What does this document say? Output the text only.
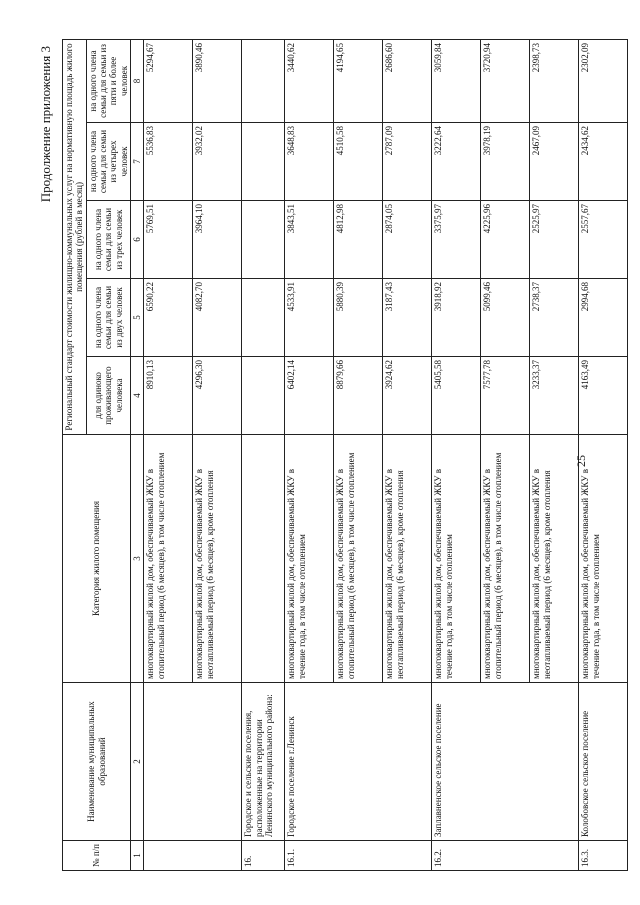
Продолжение приложения 3
№ п/п	Наименование муниципальных образований	Категория жилого помещения	Региональный стандарт стоимости жилищно-коммунальных услуг на нормативную площадь жилого помещения (рублей в месяц)				
			для одиноко проживающего человека	на одного члена семьи для семьи из двух человек	на одного члена семьи для семьи из трех человек	на одного члена семьи для семьи из четырех человек	на одного члена семьи для семьи из пяти и более человек
1	2	3	4	5	6	7	8
		многоквартирный жилой дом, обеспечиваемый ЖКУ в отопительный период (6 месяцев), в том числе отоплением	8910,13	6590,22	5769,51	5536,83	5294,67
		многоквартирный жилой дом, обеспечиваемый ЖКУ в неотапливаемый период (6 месяцев), кроме отопления	4296,30	4082,70	3964,10	3932,02	3890,46
16.	Городское и сельские поселения, расположенные на территории Ленинского муниципального района:						
16.1.	Городское поселение г.Ленинск	многоквартирный жилой дом, обеспечиваемый ЖКУ в течение года, в том числе отоплением	6402,14	4533,91	3843,51	3648,83	3440,62
		многоквартирный жилой дом, обеспечиваемый ЖКУ в отопительный период (6 месяцев), в том числе отоплением	8879,66	5880,39	4812,98	4510,58	4194,65
		многоквартирный жилой дом, обеспечиваемый ЖКУ в неотапливаемый период (6 месяцев), кроме отопления	3924,62	3187,43	2874,05	2787,09	2686,60
16.2.	Заплавненское сельское поселение	многоквартирный жилой дом, обеспечиваемый ЖКУ в течение года, в том числе отоплением	5405,58	3918,92	3375,97	3222,64	3059,84
		многоквартирный жилой дом, обеспечиваемый ЖКУ в отопительный период (6 месяцев), в том числе отоплением	7577,78	5099,46	4225,96	3978,19	3720,94
		многоквартирный жилой дом, обеспечиваемый ЖКУ в неотапливаемый период (6 месяцев), кроме отопления	3233,37	2738,37	2525,97	2467,09	2398,73
16.3.	Колобовское сельское поселение	многоквартирный жилой дом, обеспечиваемый ЖКУ в течение года, в том числе отоплением	4163,49	2994,68	2557,67	2434,62	2302,09
25
